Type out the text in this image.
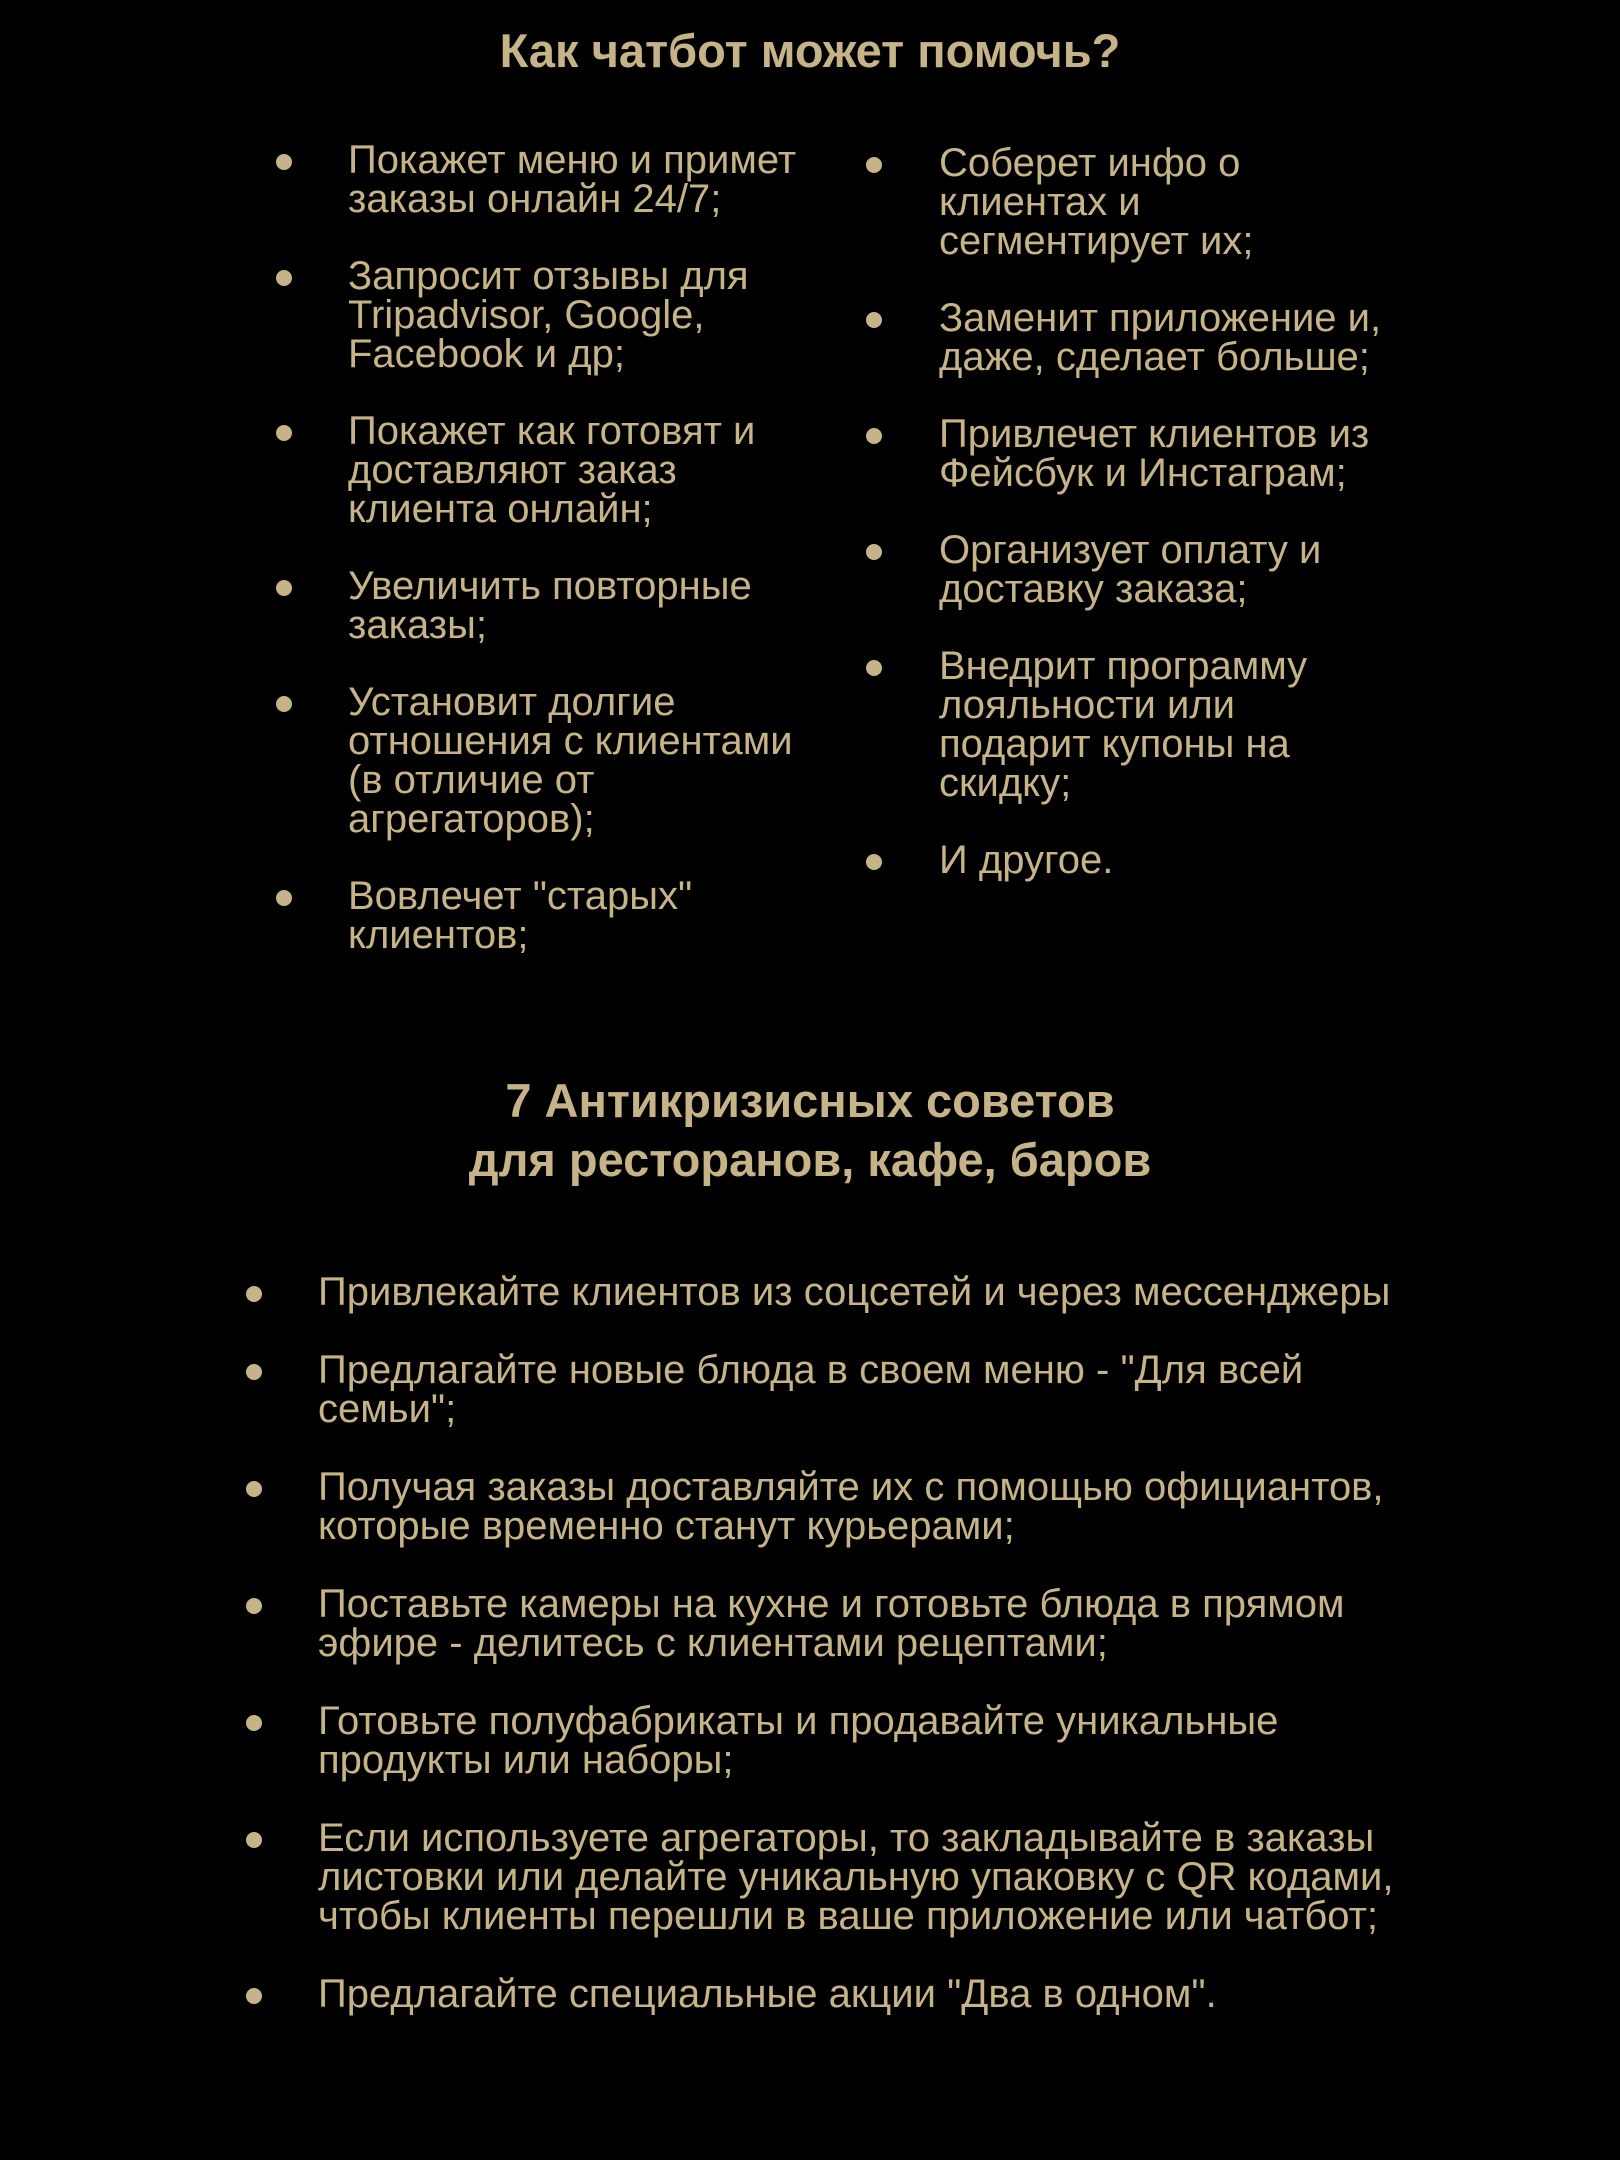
Как чатбот может помочь?
Покажет меню и примет заказы онлайн 24/7;
Запросит отзывы для Tripadvisor, Google, Facebook и др;
Покажет как готовят и доставляют заказ клиента онлайн;
Увеличить повторные заказы;
Установит долгие отношения с клиентами (в отличие от агрегаторов);
Вовлечет "старых" клиентов;
Соберет инфо о клиентах и сегментирует их;
Заменит приложение и, даже, сделает больше;
Привлечет клиентов из Фейсбук и Инстаграм;
Организует оплату и доставку заказа;
Внедрит программу лояльности или подарит купоны на скидку;
И другое.
7 Антикризисных советов
для ресторанов, кафе, баров
Привлекайте клиентов из соцсетей и через мессенджеры
Предлагайте новые блюда в своем меню - "Для всей семьи";
Получая заказы доставляйте их с помощью официантов, которые временно станут курьерами;
Поставьте камеры на кухне и готовьте блюда в прямом эфире - делитесь с клиентами рецептами;
Готовьте полуфабрикаты и продавайте уникальные продукты или наборы;
Если используете агрегаторы, то закладывайте в заказы листовки или делайте уникальную упаковку с QR кодами, чтобы клиенты перешли в ваше приложение или чатбот;
Предлагайте специальные акции "Два в одном".
